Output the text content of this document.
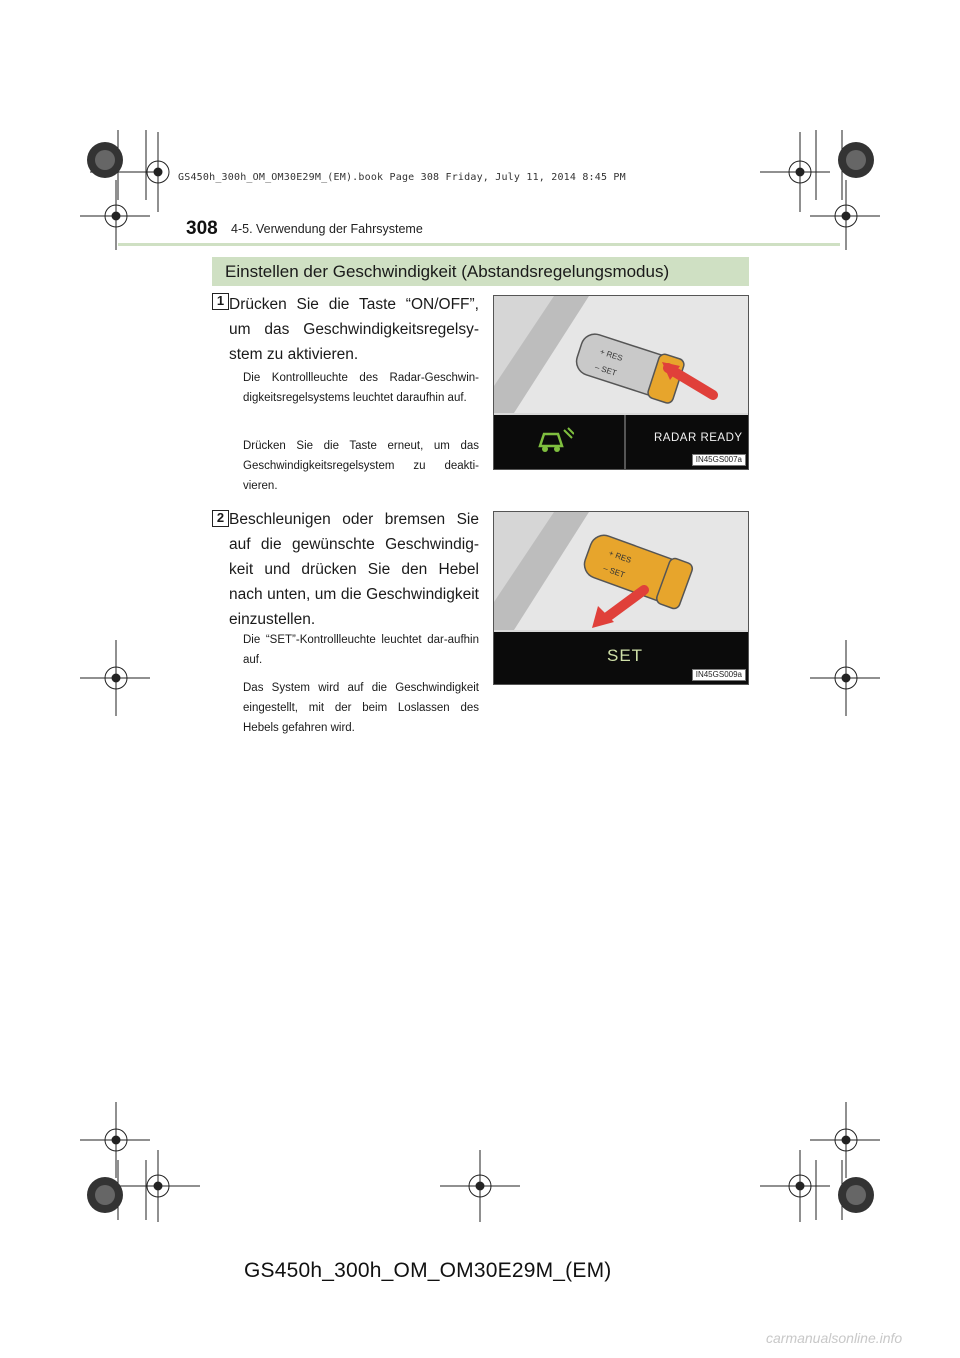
GS450h_300h_OM_OM30E29M_(EM).book Page 308 Friday, July 11, 2014 8:45 PM
308 4-5. Verwendung der Fahrsysteme
Einstellen der Geschwindigkeit (Abstandsregelungsmodus)
1 Drücken Sie die Taste “ON/OFF”, um das Geschwindigkeitsregelsy-stem zu aktivieren.
Die Kontrollleuchte des Radar-Geschwin-digkeitsregelsystems leuchtet daraufhin auf.
Drücken Sie die Taste erneut, um das Geschwindigkeitsregelsystem zu deakti-vieren.
+ RES
– SET
RADAR READY
IN45GS007a
2 Beschleunigen oder bremsen Sie auf die gewünschte Geschwindig-keit und drücken Sie den Hebel nach unten, um die Geschwindigkeit einzustellen.
Die “SET”-Kontrollleuchte leuchtet dar-aufhin auf.
Das System wird auf die Geschwindigkeit eingestellt, mit der beim Loslassen des Hebels gefahren wird.
+ RES
– SET
SET
IN45GS009a
GS450h_300h_OM_OM30E29M_(EM)
carmanualsonline.info
